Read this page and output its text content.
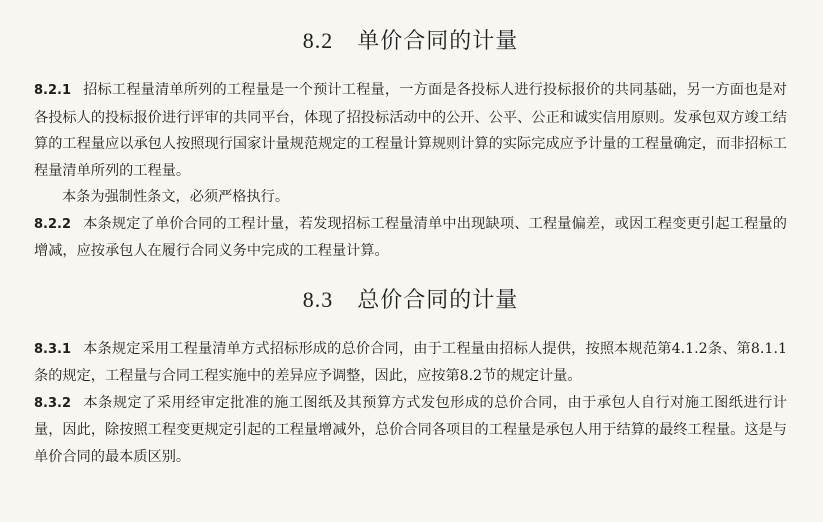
8.2 单价合同的计量

8.2.1 招标工程量清单所列的工程量是一个预计工程量，一方面是各投标人进行投标报价的共同基础，另一方面也是对各投标人的投标报价进行评审的共同平台，体现了招投标活动中的公开、公平、公正和诚实信用原则。发承包双方竣工结算的工程量应以承包人按照现行国家计量规范规定的工程量计算规则计算的实际完成应予计量的工程量确定，而非招标工程量清单所列的工程量。

本条为强制性条文，必须严格执行。

8.2.2 本条规定了单价合同的工程计量，若发现招标工程量清单中出现缺项、工程量偏差，或因工程变更引起工程量的增减，应按承包人在履行合同义务中完成的工程量计算。

8.3 总价合同的计量

8.3.1 本条规定采用工程量清单方式招标形成的总价合同，由于工程量由招标人提供，按照本规范第4.1.2条、第8.1.1条的规定，工程量与合同工程实施中的差异应予调整，因此，应按第8.2节的规定计量。

8.3.2 本条规定了采用经审定批准的施工图纸及其预算方式发包形成的总价合同，由于承包人自行对施工图纸进行计量，因此，除按照工程变更规定引起的工程量增减外，总价合同各项目的工程量是承包人用于结算的最终工程量。这是与单价合同的最本质区别。
